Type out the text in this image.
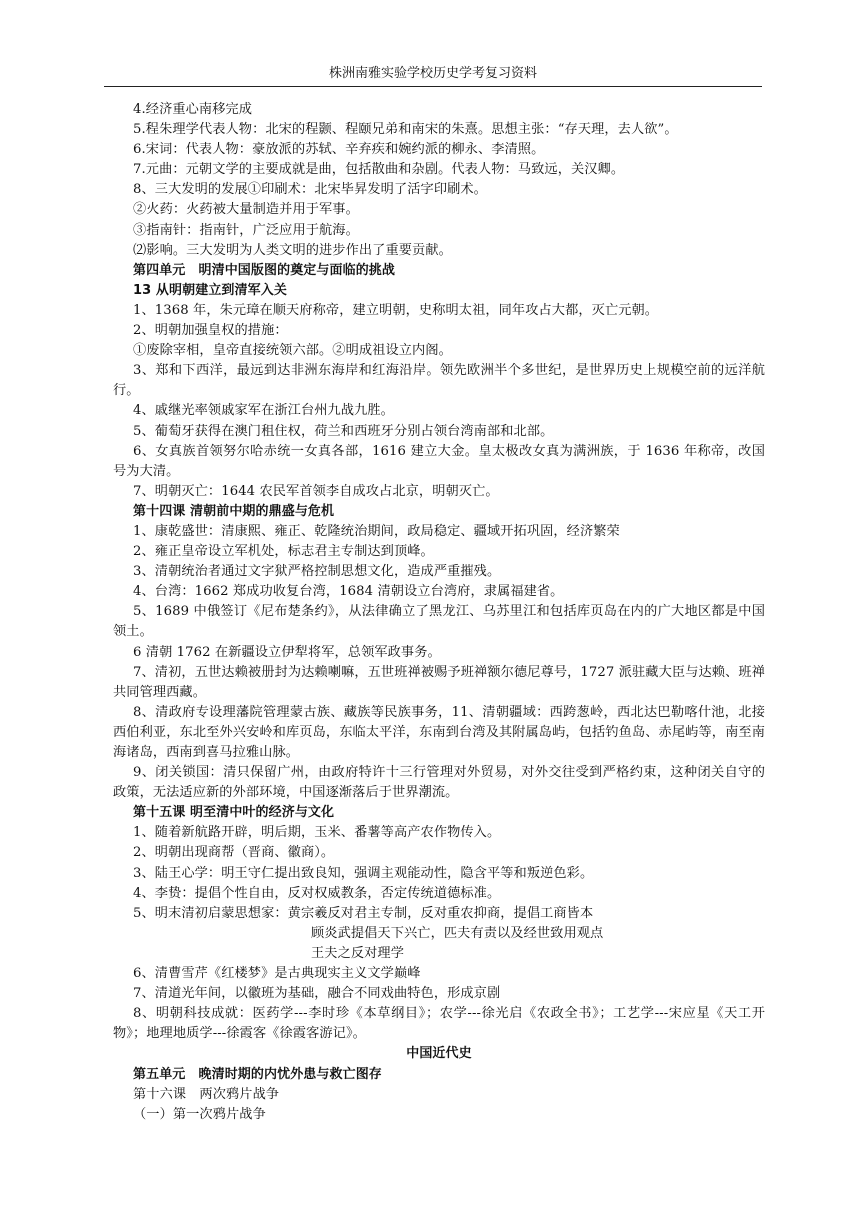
株洲南雅实验学校历史学考复习资料

4.经济重心南移完成

5.程朱理学代表人物：北宋的程颢、程颐兄弟和南宋的朱熹。思想主张：“存天理，去人欲”。

6.宋词：代表人物：豪放派的苏轼、辛弃疾和婉约派的柳永、李清照。

7.元曲：元朝文学的主要成就是曲，包括散曲和杂剧。代表人物：马致远，关汉卿。

8、三大发明的发展①印刷术：北宋毕昇发明了活字印刷术。

②火药：火药被大量制造并用于军事。

③指南针：指南针，广泛应用于航海。

⑵影响。三大发明为人类文明的进步作出了重要贡献。

第四单元　明清中国版图的奠定与面临的挑战

13 从明朝建立到清军入关

1、1368 年，朱元璋在顺天府称帝，建立明朝，史称明太祖，同年攻占大都，灭亡元朝。

2、明朝加强皇权的措施：

①废除宰相，皇帝直接统领六部。②明成祖设立内阁。

3、郑和下西洋，最远到达非洲东海岸和红海沿岸。领先欧洲半个多世纪，是世界历史上规模空前的远洋航行。

4、戚继光率领戚家军在浙江台州九战九胜。

5、葡萄牙获得在澳门租住权，荷兰和西班牙分别占领台湾南部和北部。

6、女真族首领努尔哈赤统一女真各部，1616 建立大金。皇太极改女真为满洲族，于 1636 年称帝，改国号为大清。

7、明朝灭亡：1644 农民军首领李自成攻占北京，明朝灭亡。

第十四课 清朝前中期的鼎盛与危机

1、康乾盛世：清康熙、雍正、乾隆统治期间，政局稳定、疆域开拓巩固，经济繁荣

2、雍正皇帝设立军机处，标志君主专制达到顶峰。

3、清朝统治者通过文字狱严格控制思想文化，造成严重摧残。

4、台湾：1662 郑成功收复台湾，1684 清朝设立台湾府，隶属福建省。

5、1689 中俄签订《尼布楚条约》，从法律确立了黑龙江、乌苏里江和包括库页岛在内的广大地区都是中国领土。

6 清朝 1762 在新疆设立伊犁将军，总领军政事务。

7、清初，五世达赖被册封为达赖喇嘛，五世班禅被赐予班禅额尔德尼尊号，1727 派驻藏大臣与达赖、班禅共同管理西藏。

8、清政府专设理藩院管理蒙古族、藏族等民族事务，11、清朝疆域：西跨葱岭，西北达巴勒喀什池，北接西伯利亚，东北至外兴安岭和库页岛，东临太平洋，东南到台湾及其附属岛屿，包括钓鱼岛、赤尾屿等，南至南海诸岛，西南到喜马拉雅山脉。

9、闭关锁国：清只保留广州，由政府特许十三行管理对外贸易，对外交往受到严格约束，这种闭关自守的政策，无法适应新的外部环境，中国逐渐落后于世界潮流。

第十五课 明至清中叶的经济与文化

1、随着新航路开辟，明后期，玉米、番薯等高产农作物传入。

2、明朝出现商帮（晋商、徽商）。

3、陆王心学：明王守仁提出致良知，强调主观能动性，隐含平等和叛逆色彩。

4、李贽：提倡个性自由，反对权威教条，否定传统道德标准。

5、明末清初启蒙思想家：黄宗羲反对君主专制，反对重农抑商，提倡工商皆本

顾炎武提倡天下兴亡，匹夫有责以及经世致用观点

王夫之反对理学

6、清曹雪芹《红楼梦》是古典现实主义文学巅峰

7、清道光年间，以徽班为基础，融合不同戏曲特色，形成京剧

8、明朝科技成就：医药学---李时珍《本草纲目》；农学---徐光启《农政全书》；工艺学---宋应星《天工开物》；地理地质学---徐霞客《徐霞客游记》。

中国近代史

第五单元　晚清时期的内忧外患与救亡图存

第十六课　两次鸦片战争

（一）第一次鸦片战争
